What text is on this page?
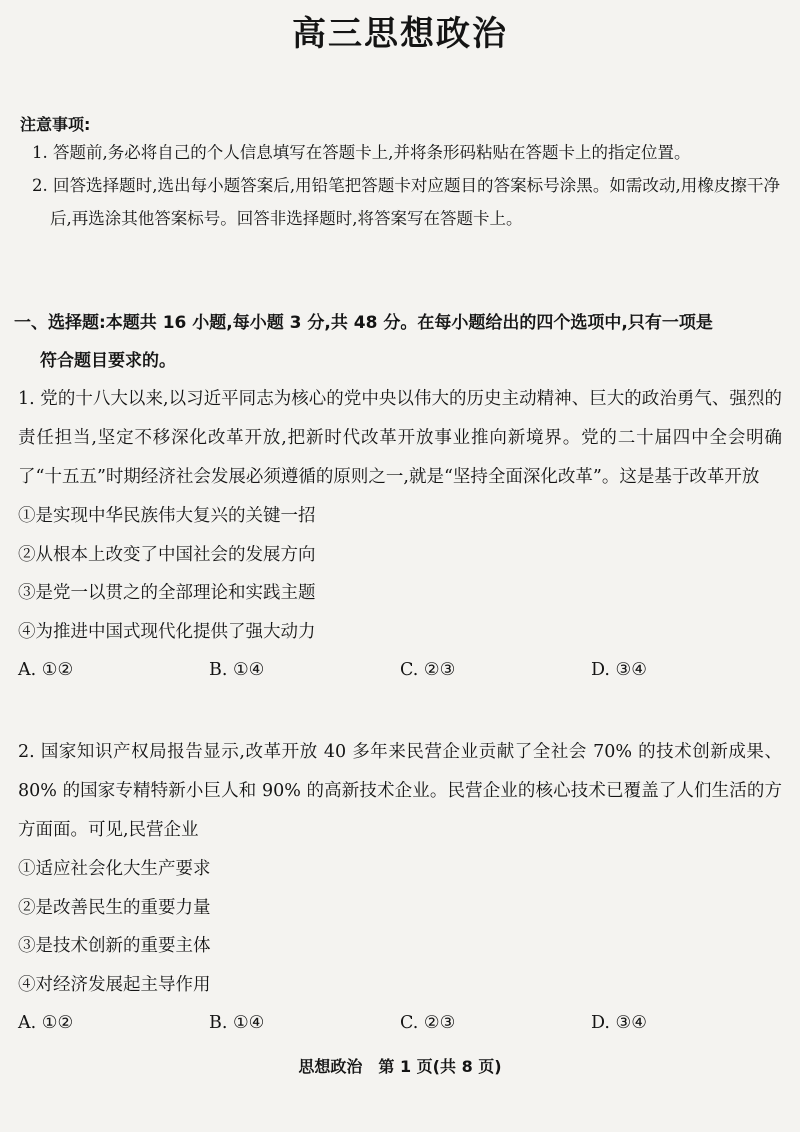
高三思想政治
注意事项:
1. 答题前,务必将自己的个人信息填写在答题卡上,并将条形码粘贴在答题卡上的指定位置。
2. 回答选择题时,选出每小题答案后,用铅笔把答题卡对应题目的答案标号涂黑。如需改动,用橡皮擦干净后,再选涂其他答案标号。回答非选择题时,将答案写在答题卡上。
一、选择题:本题共 16 小题,每小题 3 分,共 48 分。在每小题给出的四个选项中,只有一项是
符合题目要求的。
1. 党的十八大以来,以习近平同志为核心的党中央以伟大的历史主动精神、巨大的政治勇气、强烈的责任担当,坚定不移深化改革开放,把新时代改革开放事业推向新境界。党的二十届四中全会明确了“十五五”时期经济社会发展必须遵循的原则之一,就是“坚持全面深化改革”。这是基于改革开放
①是实现中华民族伟大复兴的关键一招
②从根本上改变了中国社会的发展方向
③是党一以贯之的全部理论和实践主题
④为推进中国式现代化提供了强大动力
A. ①②	B. ①④	C. ②③	D. ③④
2. 国家知识产权局报告显示,改革开放 40 多年来民营企业贡献了全社会 70% 的技术创新成果、80% 的国家专精特新小巨人和 90% 的高新技术企业。民营企业的核心技术已覆盖了人们生活的方方面面。可见,民营企业
①适应社会化大生产要求
②是改善民生的重要力量
③是技术创新的重要主体
④对经济发展起主导作用
A. ①②	B. ①④	C. ②③	D. ③④
思想政治　第 1 页(共 8 页)
